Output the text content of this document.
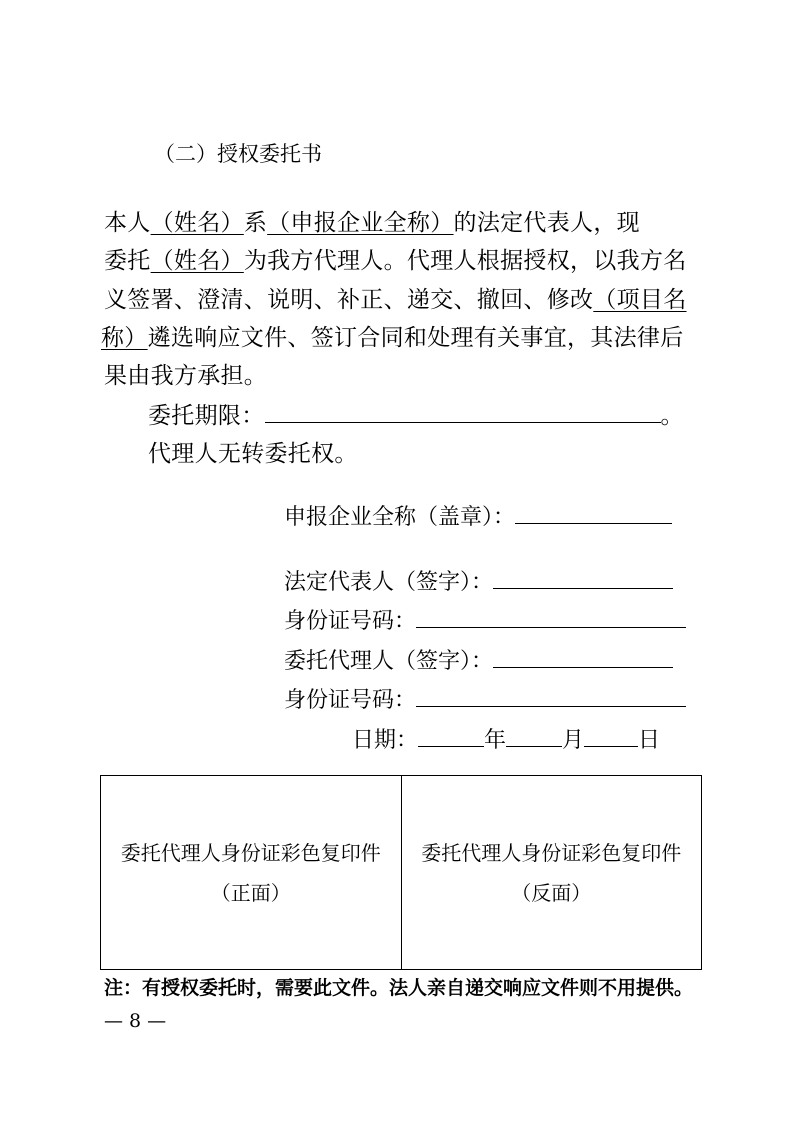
（二）授权委托书
本人（姓名）系（申报企业全称）的法定代表人，现
委托（姓名）为我方代理人。代理人根据授权，以我方名
义签署、澄清、说明、补正、递交、撤回、修改（项目名
称）遴选响应文件、签订合同和处理有关事宜，其法律后
果由我方承担。
委托期限：	。
代理人无转委托权。
申报企业全称（盖章）：
法定代表人（签字）：
身份证号码：
委托代理人（签字）：
身份证号码：
日期：	年	月 日
委托代理人身份证彩色复印件
（正面）

委托代理人身份证彩色复印件
（反面）
注：有授权委托时，需要此文件。法人亲自递交响应文件则不用提供。
— 8 —
